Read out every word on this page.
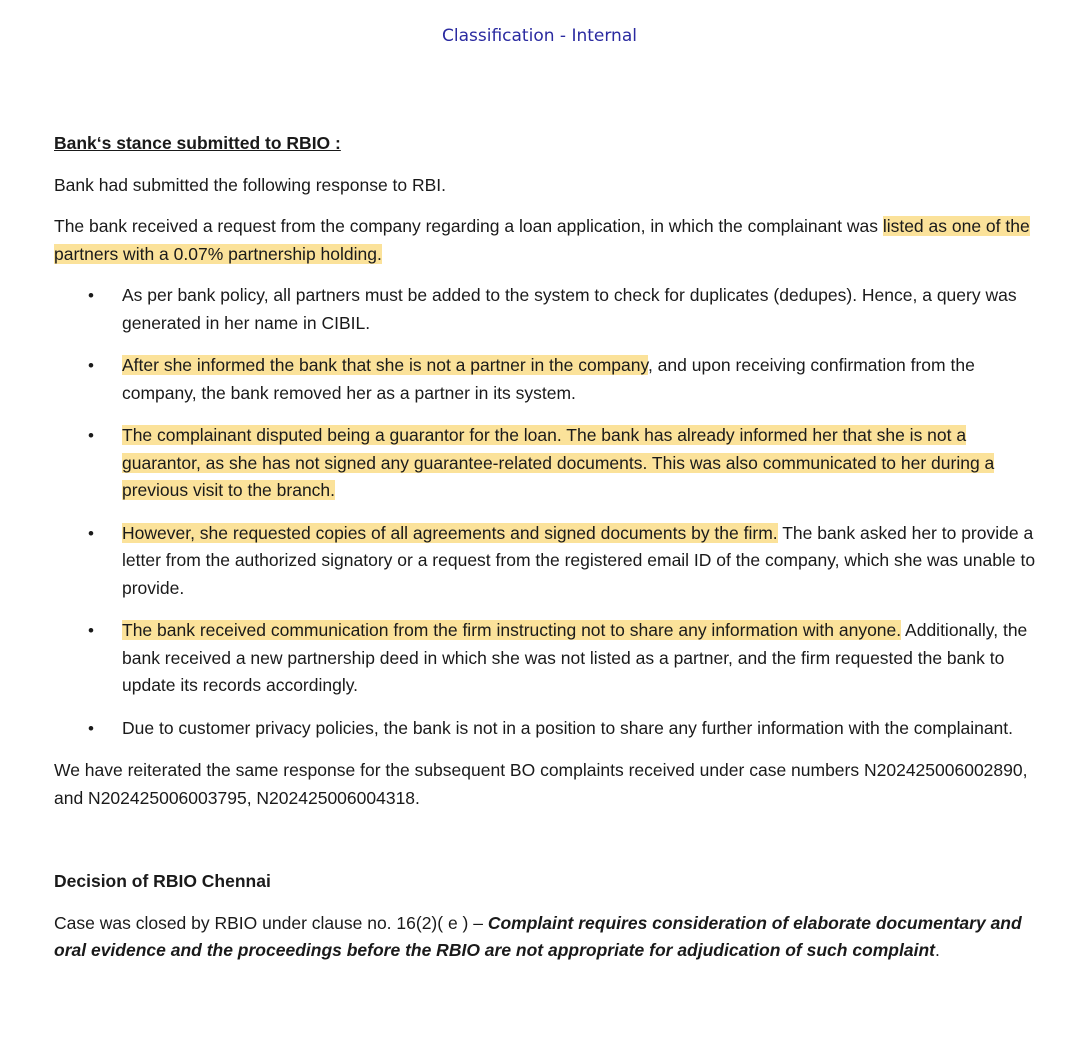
Classification - Internal
Bank‘s stance submitted to RBIO :

Bank had submitted the following response to RBI.

The bank received a request from the company regarding a loan application, in which the complainant was listed as one of the partners with a 0.07% partnership holding.

• As per bank policy, all partners must be added to the system to check for duplicates (dedupes). Hence, a query was generated in her name in CIBIL.
• After she informed the bank that she is not a partner in the company, and upon receiving confirmation from the company, the bank removed her as a partner in its system.
• The complainant disputed being a guarantor for the loan. The bank has already informed her that she is not a guarantor, as she has not signed any guarantee-related documents. This was also communicated to her during a previous visit to the branch.
• However, she requested copies of all agreements and signed documents by the firm. The bank asked her to provide a letter from the authorized signatory or a request from the registered email ID of the company, which she was unable to provide.
• The bank received communication from the firm instructing not to share any information with anyone. Additionally, the bank received a new partnership deed in which she was not listed as a partner, and the firm requested the bank to update its records accordingly.
• Due to customer privacy policies, the bank is not in a position to share any further information with the complainant.

We have reiterated the same response for the subsequent BO complaints received under case numbers N202425006002890, and N202425006003795, N202425006004318.

Decision of RBIO Chennai

Case was closed by RBIO under clause no. 16(2)( e ) – Complaint requires consideration of elaborate documentary and oral evidence and the proceedings before the RBIO are not appropriate for adjudication of such complaint.
